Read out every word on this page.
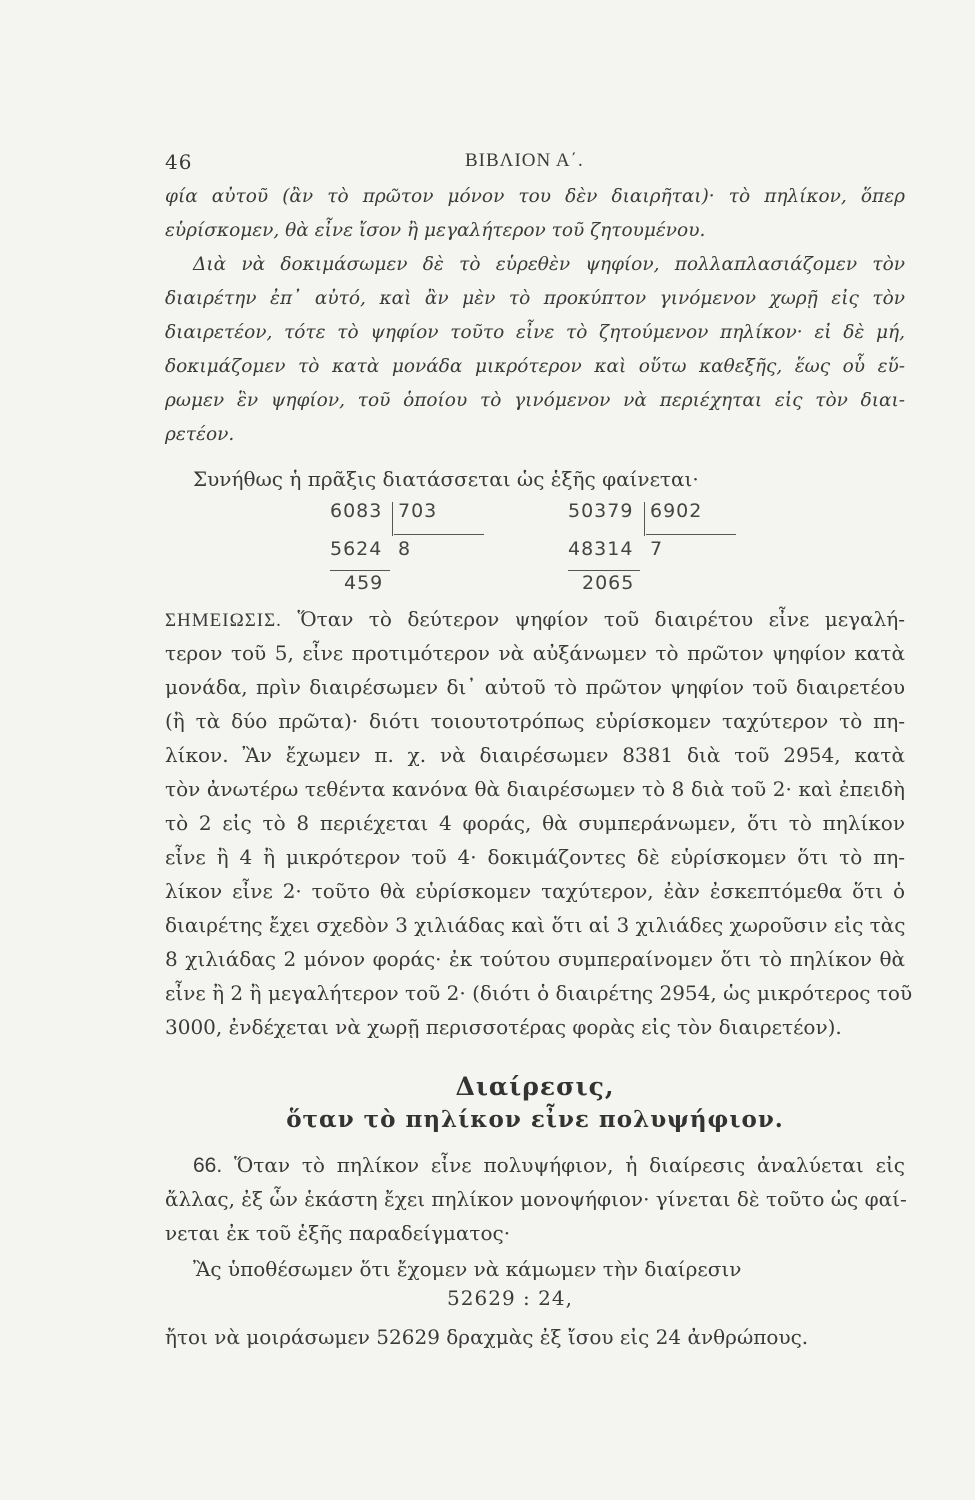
46	ΒΙΒΛΙΟΝ Α΄.
φία αὐτοῦ (ἂν τὸ πρῶτον μόνον του δὲν διαιρῆται)· τὸ πηλίκον, ὅπερ
εὑρίσκομεν, θὰ εἶνε ἴσον ἢ μεγαλήτερον τοῦ ζητουμένου.
Διὰ νὰ δοκιμάσωμεν δὲ τὸ εὑρεθὲν ψηφίον, πολλαπλασιάζομεν τὸν
διαιρέτην ἐπ᾿ αὐτό, καὶ ἂν μὲν τὸ προκύπτον γινόμενον χωρῇ εἰς τὸν
διαιρετέον, τότε τὸ ψηφίον τοῦτο εἶνε τὸ ζητούμενον πηλίκον· εἰ δὲ μή,
δοκιμάζομεν τὸ κατὰ μονάδα μικρότερον καὶ οὕτω καθεξῆς, ἕως οὗ εὕ-
ρωμεν ἓν ψηφίον, τοῦ ὁποίου τὸ γινόμενον νὰ περιέχηται εἰς τὸν διαι-
ρετέον.
Συνήθως ἡ πρᾶξις διατάσσεται ὡς ἑξῆς φαίνεται·
6083 703
5624 8
459
50379 6902
48314 7
2065
ΣΗΜΕΙΩΣΙΣ. Ὅταν τὸ δεύτερον ψηφίον τοῦ διαιρέτου εἶνε μεγαλή-
τερον τοῦ 5, εἶνε προτιμότερον νὰ αὐξάνωμεν τὸ πρῶτον ψηφίον κατὰ
μονάδα, πρὶν διαιρέσωμεν δι᾿ αὐτοῦ τὸ πρῶτον ψηφίον τοῦ διαιρετέου
(ἢ τὰ δύο πρῶτα)· διότι τοιουτοτρόπως εὑρίσκομεν ταχύτερον τὸ πη-
λίκον. Ἂν ἔχωμεν π. χ. νὰ διαιρέσωμεν 8381 διὰ τοῦ 2954, κατὰ
τὸν ἀνωτέρω τεθέντα κανόνα θὰ διαιρέσωμεν τὸ 8 διὰ τοῦ 2· καὶ ἐπειδὴ
τὸ 2 εἰς τὸ 8 περιέχεται 4 φοράς, θὰ συμπεράνωμεν, ὅτι τὸ πηλίκον
εἶνε ἢ 4 ἢ μικρότερον τοῦ 4· δοκιμάζοντες δὲ εὑρίσκομεν ὅτι τὸ πη-
λίκον εἶνε 2· τοῦτο θὰ εὑρίσκομεν ταχύτερον, ἐὰν ἐσκεπτόμεθα ὅτι ὁ
διαιρέτης ἔχει σχεδὸν 3 χιλιάδας καὶ ὅτι αἱ 3 χιλιάδες χωροῦσιν εἰς τὰς
8 χιλιάδας 2 μόνον φοράς· ἐκ τούτου συμπεραίνομεν ὅτι τὸ πηλίκον θὰ
εἶνε ἢ 2 ἢ μεγαλήτερον τοῦ 2· (διότι ὁ διαιρέτης 2954, ὡς μικρότερος τοῦ
3000, ἐνδέχεται νὰ χωρῇ περισσοτέρας φορὰς εἰς τὸν διαιρετέον).
Διαίρεσις,
ὅταν τὸ πηλίκον εἶνε πολυψήφιον.
66. Ὅταν τὸ πηλίκον εἶνε πολυψήφιον, ἡ διαίρεσις ἀναλύεται εἰς
ἄλλας, ἐξ ὧν ἑκάστη ἔχει πηλίκον μονοψήφιον· γίνεται δὲ τοῦτο ὡς φαί-
νεται ἐκ τοῦ ἑξῆς παραδείγματος·
Ἂς ὑποθέσωμεν ὅτι ἔχομεν νὰ κάμωμεν τὴν διαίρεσιν
52629 : 24,
ἤτοι νὰ μοιράσωμεν 52629 δραχμὰς ἐξ ἴσου εἰς 24 ἀνθρώπους.
